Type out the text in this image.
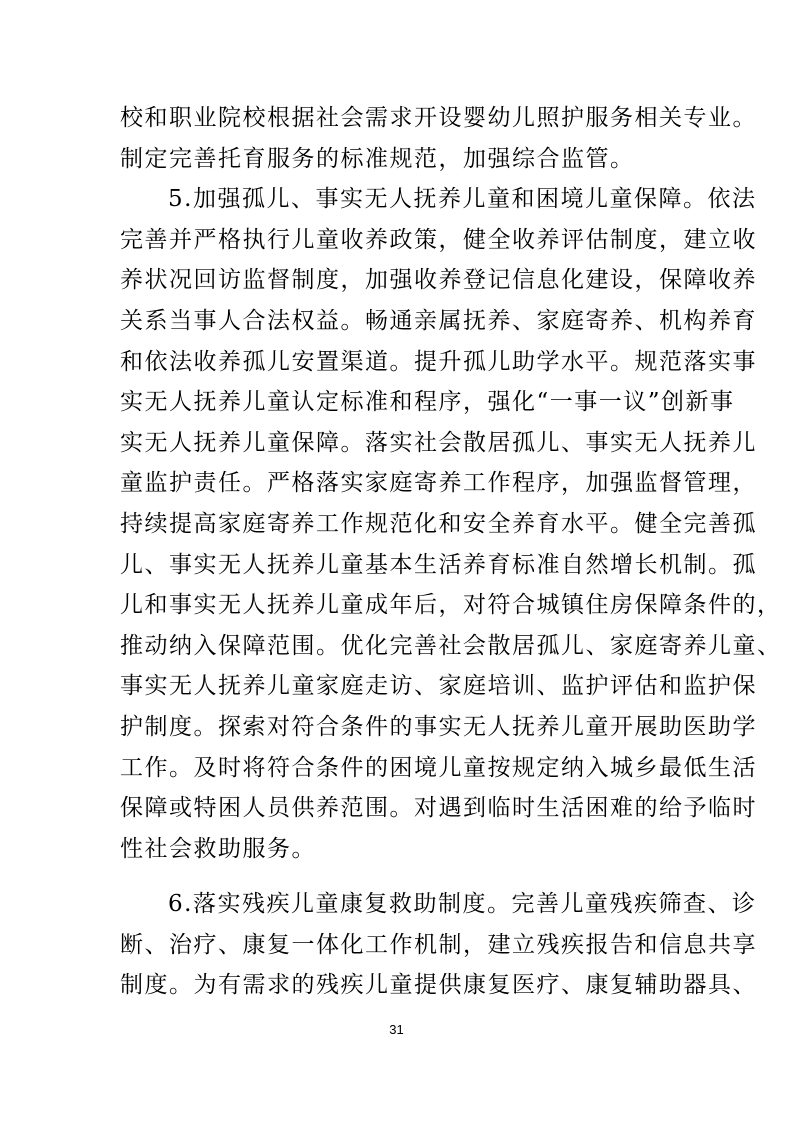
校和职业院校根据社会需求开设婴幼儿照护服务相关专业。
制定完善托育服务的标准规范，加强综合监管。
5.加强孤儿、事实无人抚养儿童和困境儿童保障。依法
完善并严格执行儿童收养政策，健全收养评估制度，建立收
养状况回访监督制度，加强收养登记信息化建设，保障收养
关系当事人合法权益。畅通亲属抚养、家庭寄养、机构养育
和依法收养孤儿安置渠道。提升孤儿助学水平。规范落实事
实无人抚养儿童认定标准和程序，强化“一事一议”创新事
实无人抚养儿童保障。落实社会散居孤儿、事实无人抚养儿
童监护责任。严格落实家庭寄养工作程序，加强监督管理，
持续提高家庭寄养工作规范化和安全养育水平。健全完善孤
儿、事实无人抚养儿童基本生活养育标准自然增长机制。孤
儿和事实无人抚养儿童成年后，对符合城镇住房保障条件的，
推动纳入保障范围。优化完善社会散居孤儿、家庭寄养儿童、
事实无人抚养儿童家庭走访、家庭培训、监护评估和监护保
护制度。探索对符合条件的事实无人抚养儿童开展助医助学
工作。及时将符合条件的困境儿童按规定纳入城乡最低生活
保障或特困人员供养范围。对遇到临时生活困难的给予临时
性社会救助服务。
6.落实残疾儿童康复救助制度。完善儿童残疾筛查、诊
断、治疗、康复一体化工作机制，建立残疾报告和信息共享
制度。为有需求的残疾儿童提供康复医疗、康复辅助器具、
31
